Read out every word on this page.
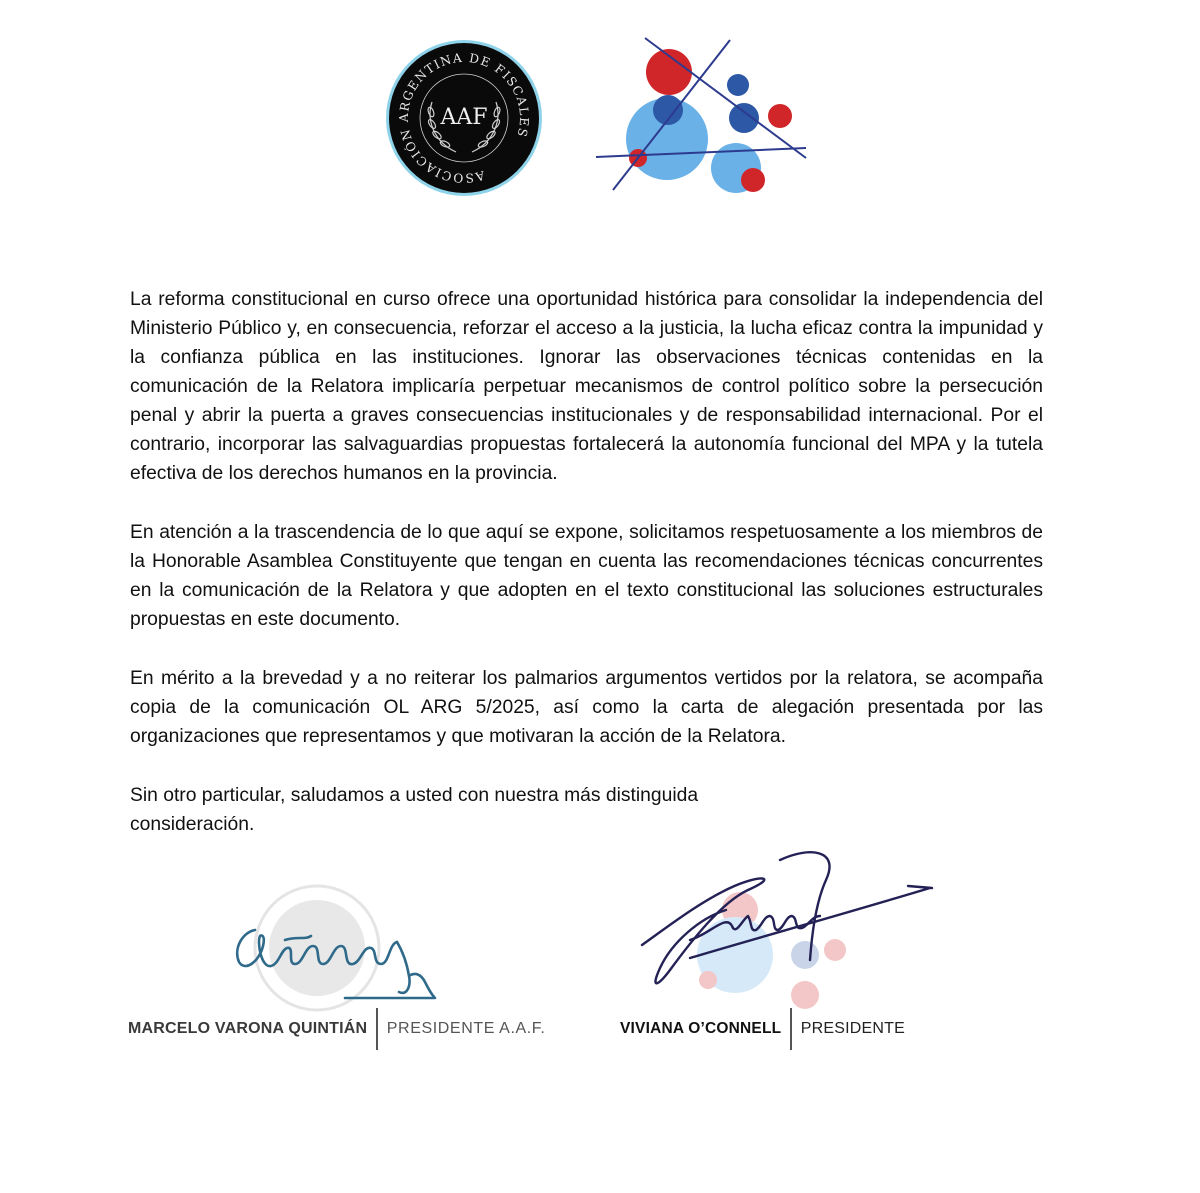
ASOCIACIÓN ARGENTINA DE FISCALES
AAF

La reforma constitucional en curso ofrece una oportunidad histórica para consolidar la independencia del Ministerio Público y, en consecuencia, reforzar el acceso a la justicia, la lucha eficaz contra la impunidad y la confianza pública en las instituciones. Ignorar las observaciones técnicas contenidas en la comunicación de la Relatora implicaría perpetuar mecanismos de control político sobre la persecución penal y abrir la puerta a graves consecuencias institucionales y de responsabilidad internacional. Por el contrario, incorporar las salvaguardias propuestas fortalecerá la autonomía funcional del MPA y la tutela efectiva de los derechos humanos en la provincia.

En atención a la trascendencia de lo que aquí se expone, solicitamos respetuosamente a los miembros de la Honorable Asamblea Constituyente que tengan en cuenta las recomendaciones técnicas concurrentes en la comunicación de la Relatora y que adopten en el texto constitucional las soluciones estructurales propuestas en este documento.

En mérito a la brevedad y a no reiterar los palmarios argumentos vertidos por la relatora, se acompaña copia de la comunicación OL ARG 5/2025, así como la carta de alegación presentada por las organizaciones que representamos y que motivaran la acción de la Relatora.

Sin otro particular, saludamos a usted con nuestra más distinguida consideración.

MARCELO VARONA QUINTIÁN	PRESIDENTE A.A.F.	VIVIANA O’CONNELL	PRESIDENTE
